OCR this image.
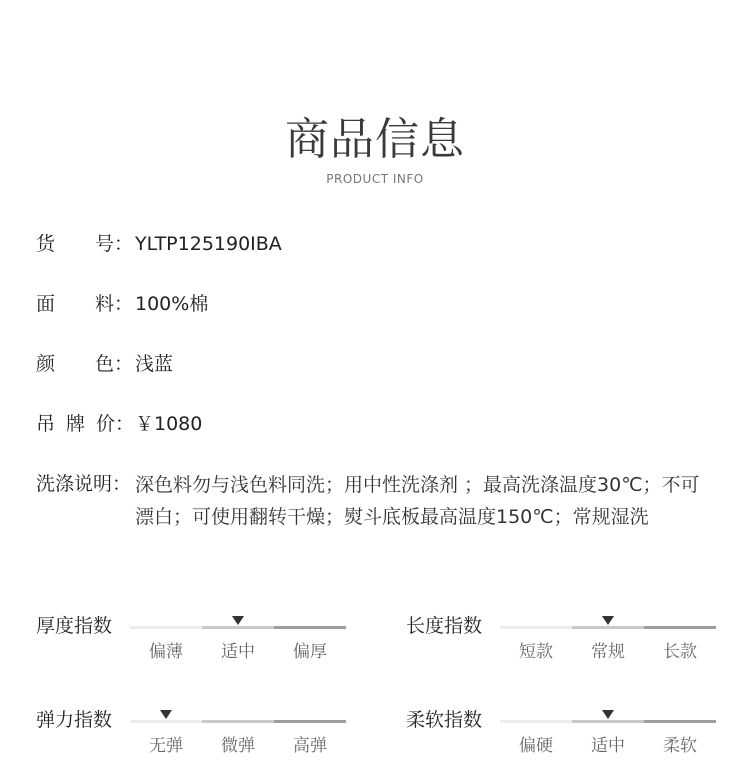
商品信息
PRODUCT INFO
货 号： YLTP125190IBA
面 料： 100%棉
颜 色： 浅蓝
吊 牌 价： ￥1080
洗涤说明： 深色料勿与浅色料同洗；用中性洗涤剂 ；最高洗涤温度30℃；不可漂白；可使用翻转干燥；熨斗底板最高温度150℃；常规湿洗
厚度指数
偏薄	适中	偏厚
长度指数
短款	常规	长款
弹力指数
无弹	微弹	高弹
柔软指数
偏硬	适中	柔软
